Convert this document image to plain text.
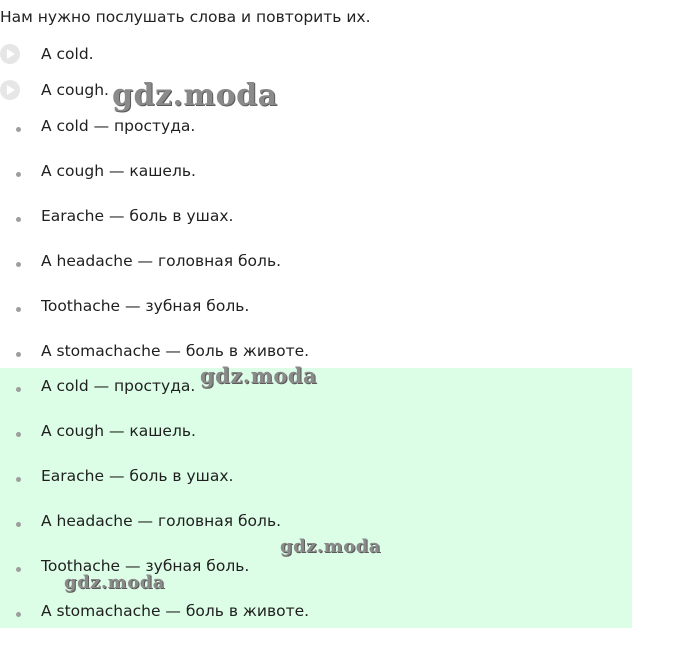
Нам нужно послушать слова и повторить их.
A cold.
A cough.
A cold — простуда.
A cough — кашель.
Earache — боль в ушах.
A headache — головная боль.
Toothache — зубная боль.
A stomachache — боль в животе.
A cold — простуда.
A cough — кашель.
Earache — боль в ушах.
A headache — головная боль.
Toothache — зубная боль.
A stomachache — боль в животе.
gdz.moda
gdz.moda
gdz.moda
gdz.moda
